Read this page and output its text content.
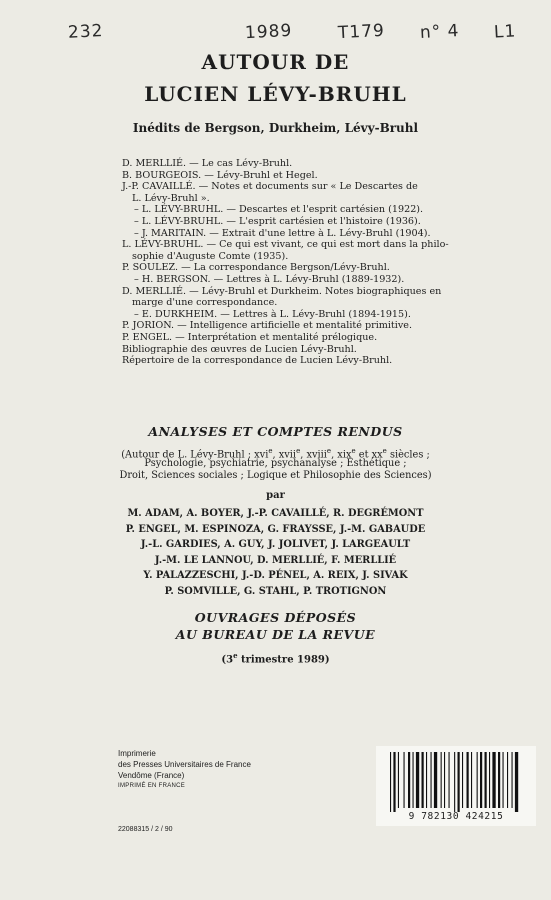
232	1989	T179 n° 4 L1
AUTOUR DE
LUCIEN LÉVY-BRUHL
Inédits de Bergson, Durkheim, Lévy-Bruhl
D. MERLLIÉ. — Le cas Lévy-Bruhl.
B. BOURGEOIS. — Lévy-Bruhl et Hegel.
J.-P. CAVAILLÉ. — Notes et documents sur « Le Descartes de
L. Lévy-Bruhl ».
– L. LÉVY-BRUHL. — Descartes et l'esprit cartésien (1922).
– L. LÉVY-BRUHL. — L'esprit cartésien et l'histoire (1936).
– J. MARITAIN. — Extrait d'une lettre à L. Lévy-Bruhl (1904).
L. LÉVY-BRUHL. — Ce qui est vivant, ce qui est mort dans la philo-
sophie d'Auguste Comte (1935).
P. SOULEZ. — La correspondance Bergson/Lévy-Bruhl.
– H. BERGSON. — Lettres à L. Lévy-Bruhl (1889-1932).
D. MERLLIÉ. — Lévy-Bruhl et Durkheim. Notes biographiques en
marge d'une correspondance.
– E. DURKHEIM. — Lettres à L. Lévy-Bruhl (1894-1915).
P. JORION. — Intelligence artificielle et mentalité primitive.
P. ENGEL. — Interprétation et mentalité prélogique.
Bibliographie des œuvres de Lucien Lévy-Bruhl.
Répertoire de la correspondance de Lucien Lévy-Bruhl.
ANALYSES ET COMPTES RENDUS
(Autour de L. Lévy-Bruhl ; xvi$^e$, xvii$^e$, xviii$^e$, xix$^e$ et $xx^e$ siècles ;
Psychologie, psychiatrie, psychanalyse ; Esthétique ;
Droit, Sciences sociales ; Logique et Philosophie des Sciences)
par
M. ADAM, A. BOYER, J.-P. CAVAILLÉ, R. DEGRÉMONT
P. ENGEL, M. ESPINOZA, G. FRAYSSE, J.-M. GABAUDE
J.-L. GARDIES, A. GUY, J. JOLIVET, J. LARGEAULT
J.-M. LE LANNOU, D. MERLLIÉ, F. MERLLIÉ
Y. PALAZZESCHI, J.-D. PÉNEL, A. REIX, J. SIVAK
P. SOMVILLE, G. STAHL, P. TROTIGNON
OUVRAGES DÉPOSÉS
AU BUREAU DE LA REVUE
(3e trimestre 1989)
Imprimerie
des Presses Universitaires de France
Vendôme (France)
IMPRIMÉ EN FRANCE
22088315 / 2 / 90
9 782130 424215
